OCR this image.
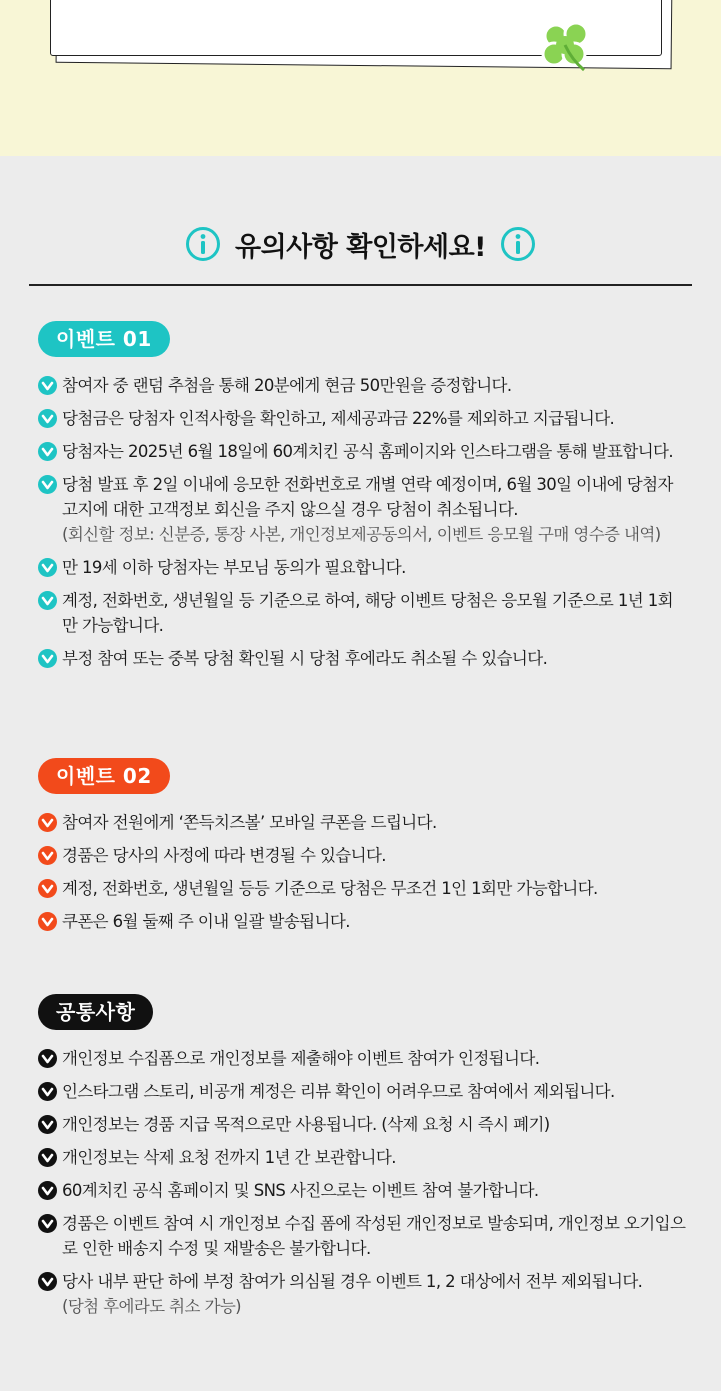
유의사항 확인하세요!
이벤트 01
참여자 중 랜덤 추첨을 통해 20분에게 현금 50만원을 증정합니다.
당첨금은 당첨자 인적사항을 확인하고, 제세공과금 22%를 제외하고 지급됩니다.
당첨자는 2025년 6월 18일에 60계치킨 공식 홈페이지와 인스타그램을 통해 발표합니다.
당첨 발표 후 2일 이내에 응모한 전화번호로 개별 연락 예정이며, 6월 30일 이내에 당첨자 고지에 대한 고객정보 회신을 주지 않으실 경우 당첨이 취소됩니다.
(회신할 정보: 신분증, 통장 사본, 개인정보제공동의서, 이벤트 응모월 구매 영수증 내역)
만 19세 이하 당첨자는 부모님 동의가 필요합니다.
계정, 전화번호, 생년월일 등 기준으로 하여, 해당 이벤트 당첨은 응모월 기준으로 1년 1회만 가능합니다.
부정 참여 또는 중복 당첨 확인될 시 당첨 후에라도 취소될 수 있습니다.
이벤트 02
참여자 전원에게 ‘쫀득치즈볼’ 모바일 쿠폰을 드립니다.
경품은 당사의 사정에 따라 변경될 수 있습니다.
계정, 전화번호, 생년월일 등등 기준으로 당첨은 무조건 1인 1회만 가능합니다.
쿠폰은 6월 둘째 주 이내 일괄 발송됩니다.
공통사항
개인정보 수집폼으로 개인정보를 제출해야 이벤트 참여가 인정됩니다.
인스타그램 스토리, 비공개 계정은 리뷰 확인이 어려우므로 참여에서 제외됩니다.
개인정보는 경품 지급 목적으로만 사용됩니다. (삭제 요청 시 즉시 폐기)
개인정보는 삭제 요청 전까지 1년 간 보관합니다.
60계치킨 공식 홈페이지 및 SNS 사진으로는 이벤트 참여 불가합니다.
경품은 이벤트 참여 시 개인정보 수집 폼에 작성된 개인정보로 발송되며, 개인정보 오기입으로 인한 배송지 수정 및 재발송은 불가합니다.
당사 내부 판단 하에 부정 참여가 의심될 경우 이벤트 1, 2 대상에서 전부 제외됩니다.
(당첨 후에라도 취소 가능)
